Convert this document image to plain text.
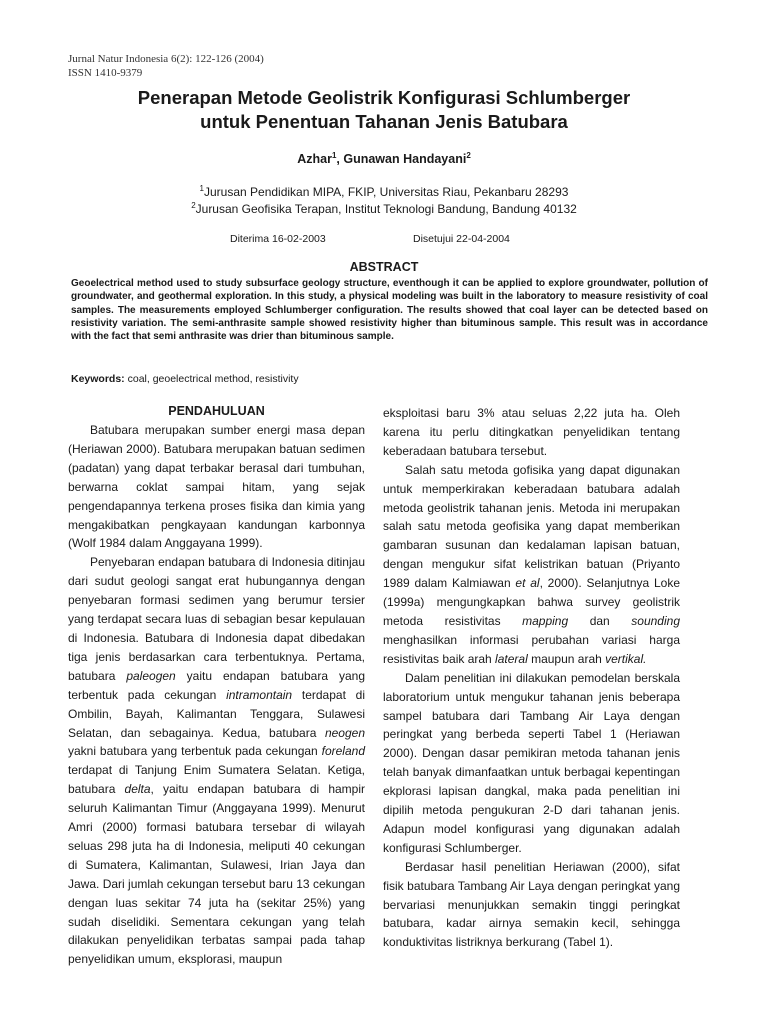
Jurnal Natur Indonesia 6(2): 122-126 (2004)
ISSN 1410-9379
Penerapan Metode Geolistrik Konfigurasi Schlumberger
untuk Penentuan Tahanan Jenis Batubara
Azhar$^1$, Gunawan Handayani$^2$
$^1$Jurusan Pendidikan MIPA, FKIP, Universitas Riau, Pekanbaru 28293
$^2$Jurusan Geofisika Terapan, Institut Teknologi Bandung, Bandung 40132
Diterima 16-02-2003	Disetujui 22-04-2004
ABSTRACT
Geoelectrical method used to study subsurface geology structure, eventhough it can be applied to explore groundwater, pollution of groundwater, and geothermal exploration. In this study, a physical modeling was built in the laboratory to measure resistivity of coal samples. The measurements employed Schlumberger configuration. The results showed that coal layer can be detected based on resistivity variation. The semi-anthrasite sample showed resistivity higher than bituminous sample. This result was in accordance with the fact that semi anthrasite was drier than bituminous sample.
Keywords: coal, geoelectrical method, resistivity
PENDAHULUAN

Batubara merupakan sumber energi masa depan (Heriawan 2000). Batubara merupakan batuan sedimen (padatan) yang dapat terbakar berasal dari tumbuhan, berwarna coklat sampai hitam, yang sejak pengendapannya terkena proses fisika dan kimia yang mengakibatkan pengkayaan kandungan karbonnya (Wolf 1984 dalam Anggayana 1999).

Penyebaran endapan batubara di Indonesia ditinjau dari sudut geologi sangat erat hubungannya dengan penyebaran formasi sedimen yang berumur tersier yang terdapat secara luas di sebagian besar kepulauan di Indonesia. Batubara di Indonesia dapat dibedakan tiga jenis berdasarkan cara terbentuknya. Pertama, batubara paleogen yaitu endapan batubara yang terbentuk pada cekungan intramontain terdapat di Ombilin, Bayah, Kalimantan Tenggara, Sulawesi Selatan, dan sebagainya. Kedua, batubara neogen yakni batubara yang terbentuk pada cekungan foreland terdapat di Tanjung Enim Sumatera Selatan. Ketiga, batubara delta, yaitu endapan batubara di hampir seluruh Kalimantan Timur (Anggayana 1999). Menurut Amri (2000) formasi batubara tersebar di wilayah seluas 298 juta ha di Indonesia, meliputi 40 cekungan di Sumatera, Kalimantan, Sulawesi, Irian Jaya dan Jawa. Dari jumlah cekungan tersebut baru 13 cekungan dengan luas sekitar 74 juta ha (sekitar 25%) yang sudah diselidiki. Sementara cekungan yang telah dilakukan penyelidikan terbatas sampai pada tahap penyelidikan umum, eksplorasi, maupun

eksploitasi baru 3% atau seluas 2,22 juta ha. Oleh karena itu perlu ditingkatkan penyelidikan tentang keberadaan batubara tersebut.

Salah satu metoda gofisika yang dapat digunakan untuk memperkirakan keberadaan batubara adalah metoda geolistrik tahanan jenis. Metoda ini merupakan salah satu metoda geofisika yang dapat memberikan gambaran susunan dan kedalaman lapisan batuan, dengan mengukur sifat kelistrikan batuan (Priyanto 1989 dalam Kalmiawan et al, 2000). Selanjutnya Loke (1999a) mengungkapkan bahwa survey geolistrik metoda resistivitas mapping dan sounding menghasilkan informasi perubahan variasi harga resistivitas baik arah lateral maupun arah vertikal.

Dalam penelitian ini dilakukan pemodelan berskala laboratorium untuk mengukur tahanan jenis beberapa sampel batubara dari Tambang Air Laya dengan peringkat yang berbeda seperti Tabel 1 (Heriawan 2000). Dengan dasar pemikiran metoda tahanan jenis telah banyak dimanfaatkan untuk berbagai kepentingan ekplorasi lapisan dangkal, maka pada penelitian ini dipilih metoda pengukuran 2-D dari tahanan jenis. Adapun model konfigurasi yang digunakan adalah konfigurasi Schlumberger.

Berdasar hasil penelitian Heriawan (2000), sifat fisik batubara Tambang Air Laya dengan peringkat yang bervariasi menunjukkan semakin tinggi peringkat batubara, kadar airnya semakin kecil, sehingga konduktivitas listriknya berkurang (Tabel 1).
